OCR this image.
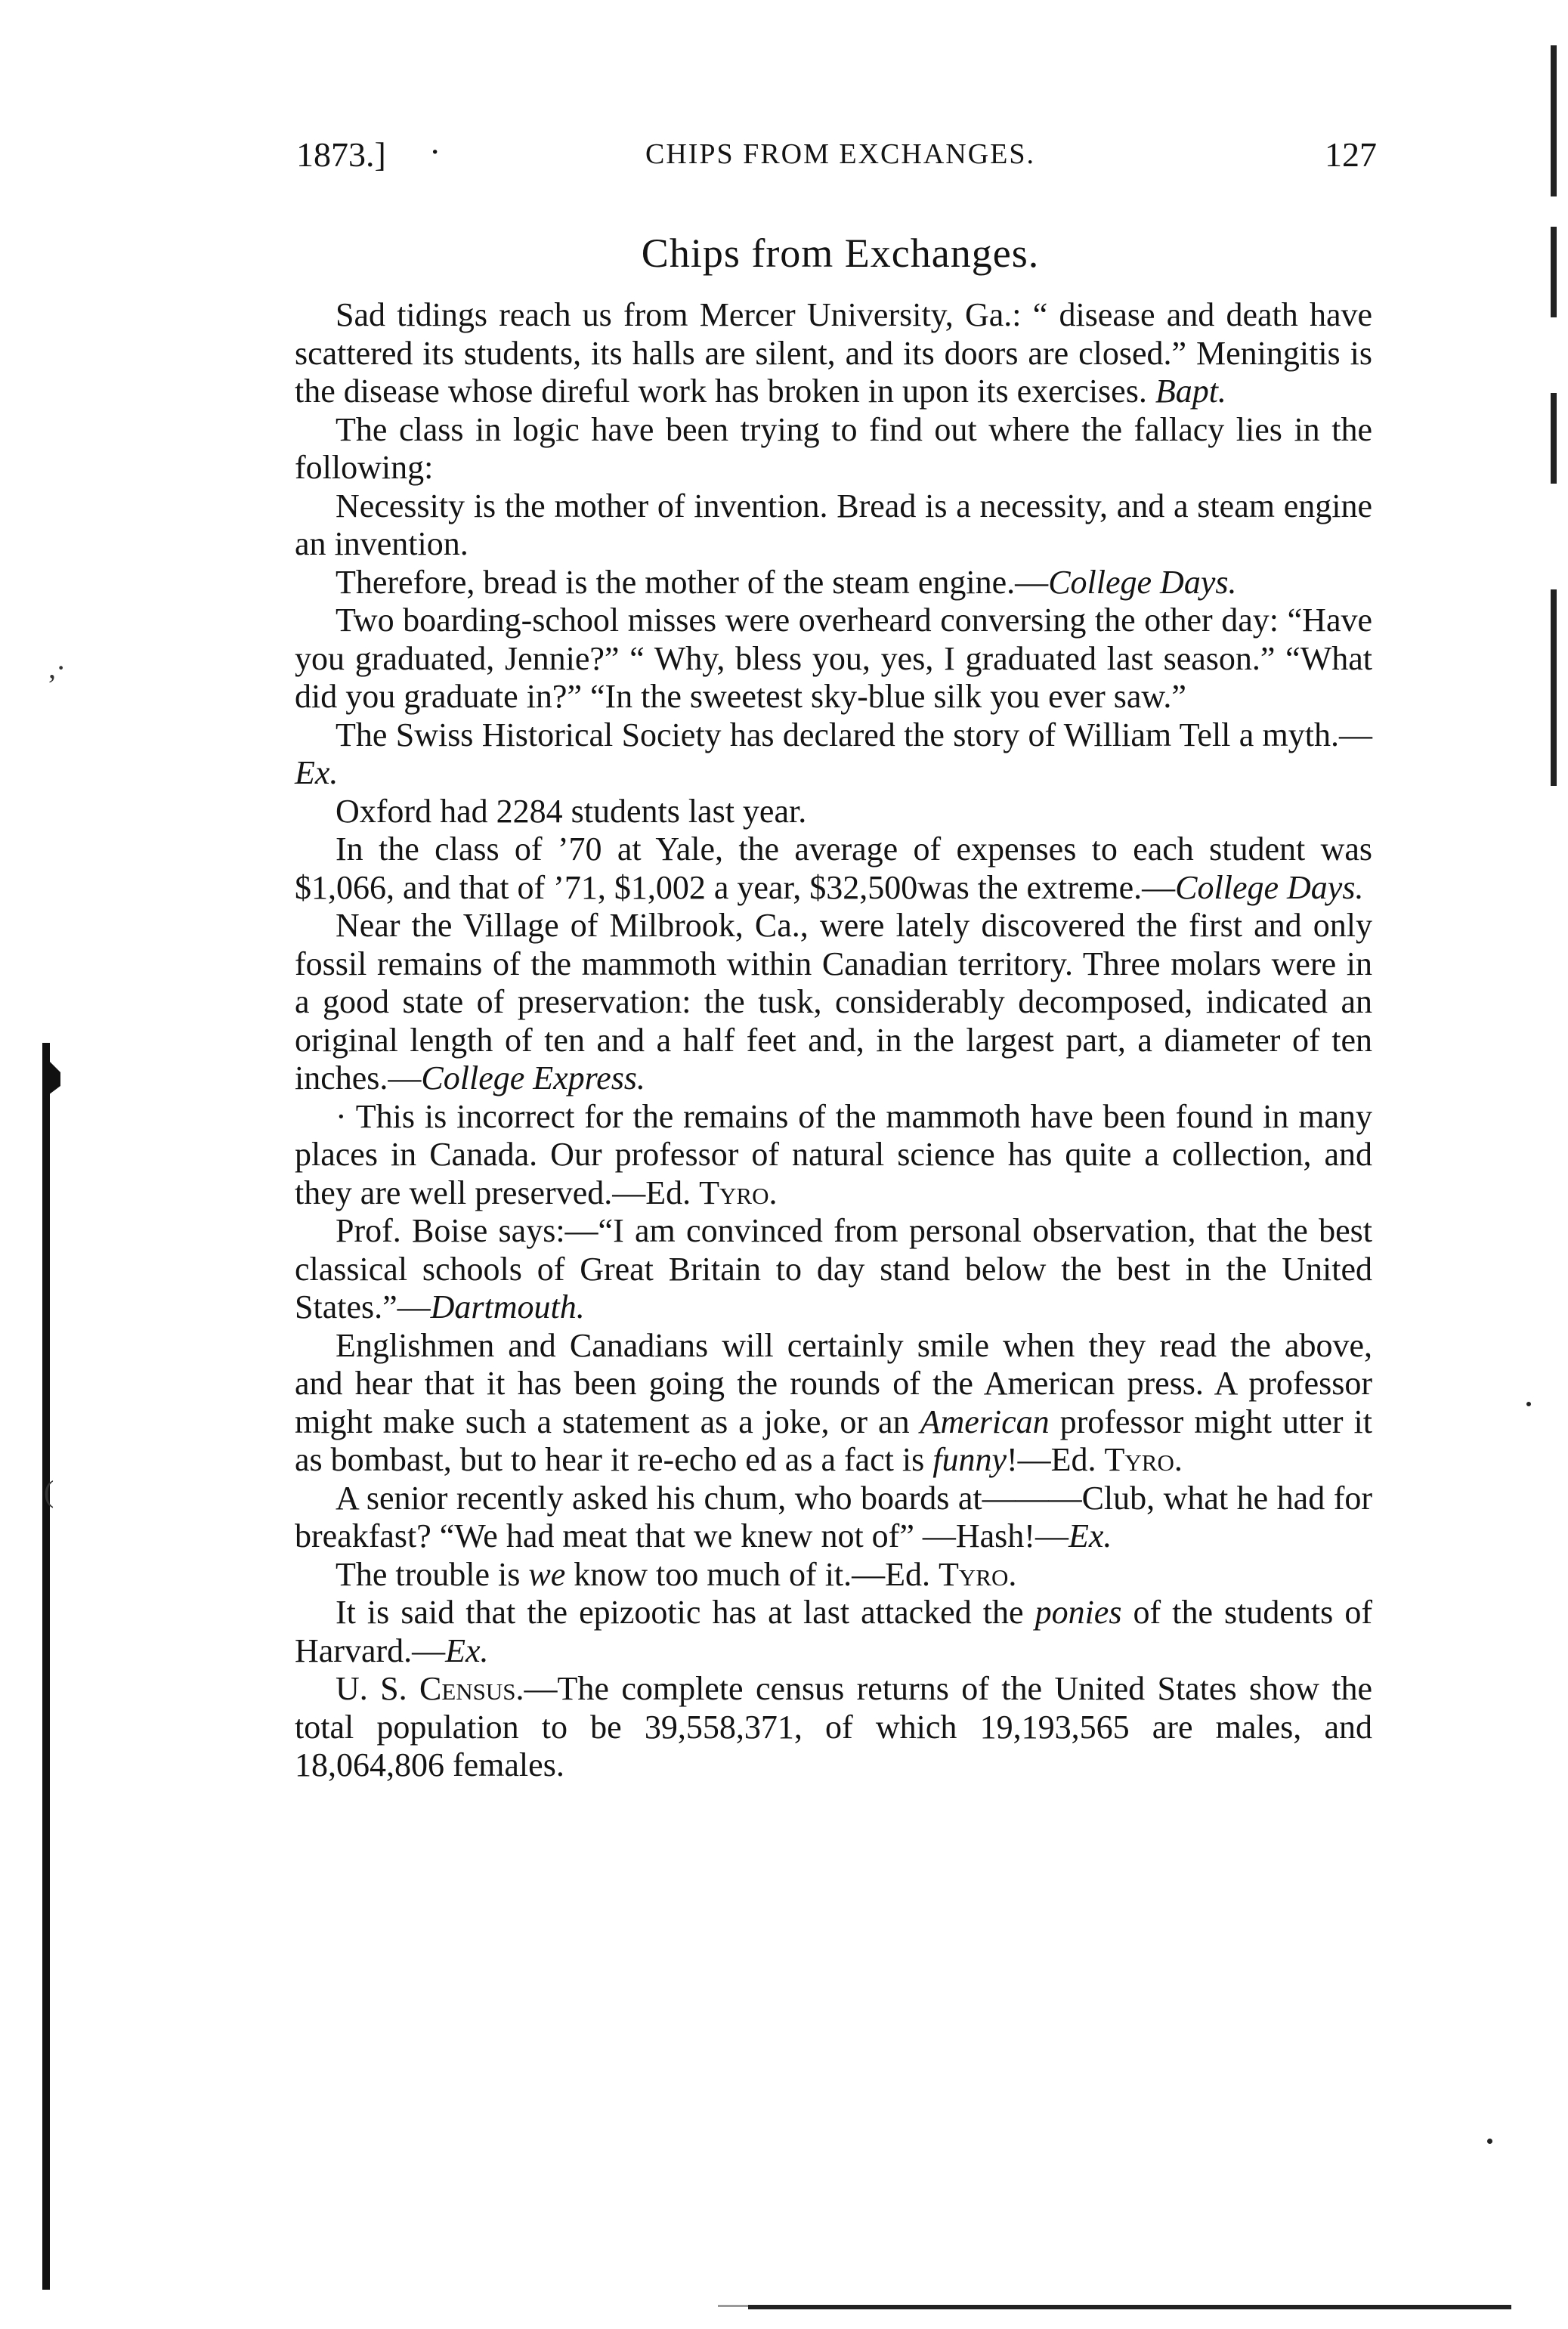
,·
(
1873.] ·	CHIPS FROM EXCHANGES.	127
Chips from Exchanges.

Sad tidings reach us from Mercer University, Ga.: “ disease and death have scattered its students, its halls are silent, and its doors are closed.” Meningitis is the disease whose direful work has broken in upon its exercises. Bapt.

The class in logic have been trying to find out where the fallacy lies in the following:

Necessity is the mother of invention. Bread is a necessity, and a steam engine an invention.

Therefore, bread is the mother of the steam engine.—College Days.

Two boarding-school misses were overheard conversing the other day: “Have you graduated, Jennie?” “ Why, bless you, yes, I graduated last season.” “What did you graduate in?” “In the sweetest sky-blue silk you ever saw.”

The Swiss Historical Society has declared the story of William Tell a myth.—Ex.

Oxford had 2284 students last year.

In the class of ’70 at Yale, the average of expenses to each student was $1,066, and that of ’71, $1,002 a year, $32,500was the extreme.—College Days.

Near the Village of Milbrook, Ca., were lately discovered the first and only fossil remains of the mammoth within Canadian territory. Three molars were in a good state of preservation: the tusk, considerably decomposed, indicated an original length of ten and a half feet and, in the largest part, a diameter of ten inches.—College Express.

· This is incorrect for the remains of the mammoth have been found in many places in Canada. Our professor of natural science has quite a collection, and they are well preserved.—Ed. Tyro.

Prof. Boise says:—“I am convinced from personal observation, that the best classical schools of Great Britain to day stand below the best in the United States.”—Dartmouth.

Englishmen and Canadians will certainly smile when they read the above, and hear that it has been going the rounds of the American press. A professor might make such a statement as a joke, or an American professor might utter it as bombast, but to hear it re-echo ed as a fact is funny!—Ed. Tyro.

A senior recently asked his chum, who boards at———Club, what he had for breakfast? “We had meat that we knew not of” —Hash!—Ex.

The trouble is we know too much of it.—Ed. Tyro.

It is said that the epizootic has at last attacked the ponies of the students of Harvard.—Ex.

U. S. Census.—The complete census returns of the United States show the total population to be 39,558,371, of which 19,193,565 are males, and 18,064,806 females.
